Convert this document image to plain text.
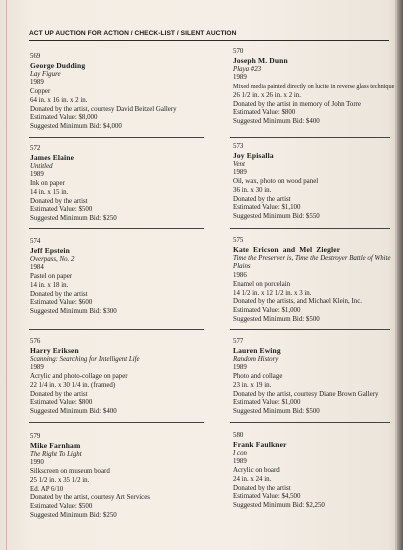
ACT UP AUCTION FOR ACTION / CHECK-LIST / SILENT AUCTION
569
George Dudding
Lay Figure
1989
Copper
64 in. x 16 in. x 2 in.
Donated by the artist, courtesy David Beitzel Gallery
Estimated Value: $8,000
Suggested Minimum Bid: $4,000
570
Joseph M. Dunn
Playa #23
1989
Mixed media painted directly on lucite in reverse glass technique
26 1/2 in. x 26 in. x 2 in.
Donated by the artist in memory of John Torre
Estimated Value: $800
Suggested Minimum Bid: $400
572
James Elaine
Untitled
1989
Ink on paper
14 in. x 15 in.
Donated by the artist
Estimated Value: $500
Suggested Minimum Bid: $250
573
Joy Episalla
Vent
1989
Oil, wax, photo on wood panel
36 in. x 30 in.
Donated by the artist
Estimated Value: $1,100
Suggested Minimum Bid: $550
574
Jeff Epstein
Overpass, No. 2
1984
Pastel on paper
14 in. x 18 in.
Donated by the artist
Estimated Value: $600
Suggested Minimum Bid: $300
575
Kate Ericson and Mel Ziegler
Time the Preserver is, Time the Destroyer Battle of White Plains
1986
Enamel on porcelain
14 1/2 in. x 12 1/2 in. x 3 in.
Donated by the artists, and Michael Klein, Inc.
Estimated Value: $1,000
Suggested Minimum Bid: $500
576
Harry Eriksen
Scanning: Searching for Intelligent Life
1989
Acrylic and photo-collage on paper
22 1/4 in. x 30 1/4 in. (framed)
Donated by the artist
Estimated Value: $800
Suggested Minimum Bid: $400
577
Lauren Ewing
Random History
1989
Photo and collage
23 in. x 19 in.
Donated by the artist, courtesy Diane Brown Gallery
Estimated Value: $1,000
Suggested Minimum Bid: $500
579
Mike Farnham
The Right To Light
1990
Silkscreen on museum board
25 1/2 in. x 35 1/2 in.
Ed. AP 6/10
Donated by the artist, courtesy Art Services
Estimated Value: $500
Suggested Minimum Bid: $250
580
Frank Faulkner
I con
1989
Acrylic on board
24 in. x 24 in.
Donated by the artist
Estimated Value: $4,500
Suggested Minimum Bid: $2,250
